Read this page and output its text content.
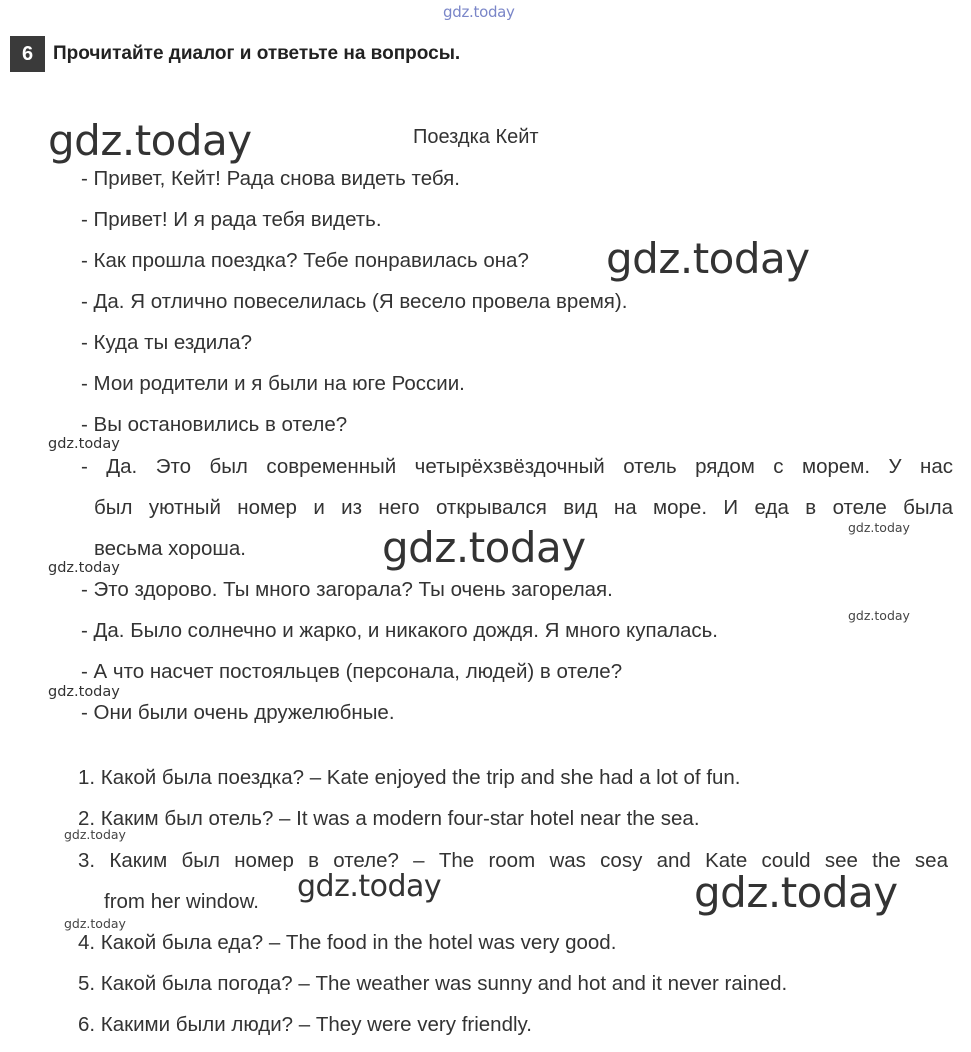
gdz.today
6	Прочитайте диалог и ответьте на вопросы.
gdz.today
gdz.today
gdz.today
gdz.today
gdz.today
gdz.today
gdz.today
gdz.today
gdz.today
gdz.today
gdz.today
gdz.today
Поездка Кейт
- Привет, Кейт! Рада снова видеть тебя.
- Привет! И я рада тебя видеть.
- Как прошла поездка? Тебе понравилась она?
- Да. Я отлично повеселилась (Я весело провела время).
- Куда ты ездила?
- Мои родители и я были на юге России.
- Вы остановились в отеле?
- Да. Это был современный четырёхзвёздочный отель рядом с морем. У нас
был уютный номер и из него открывался вид на море. И еда в отеле была
весьма хороша.
- Это здорово. Ты много загорала? Ты очень загорелая.
- Да. Было солнечно и жарко, и никакого дождя. Я много купалась.
- А что насчет постояльцев (персонала, людей) в отеле?
- Они были очень дружелюбные.
1. Какой была поездка? – Kate enjoyed the trip and she had a lot of fun.
2. Каким был отель? – It was a modern four-star hotel near the sea.
3. Каким был номер в отеле? – The room was cosy and Kate could see the sea
from her window.
4. Какой была еда? – The food in the hotel was very good.
5. Какой была погода? – The weather was sunny and hot and it never rained.
6. Какими были люди? – They were very friendly.
